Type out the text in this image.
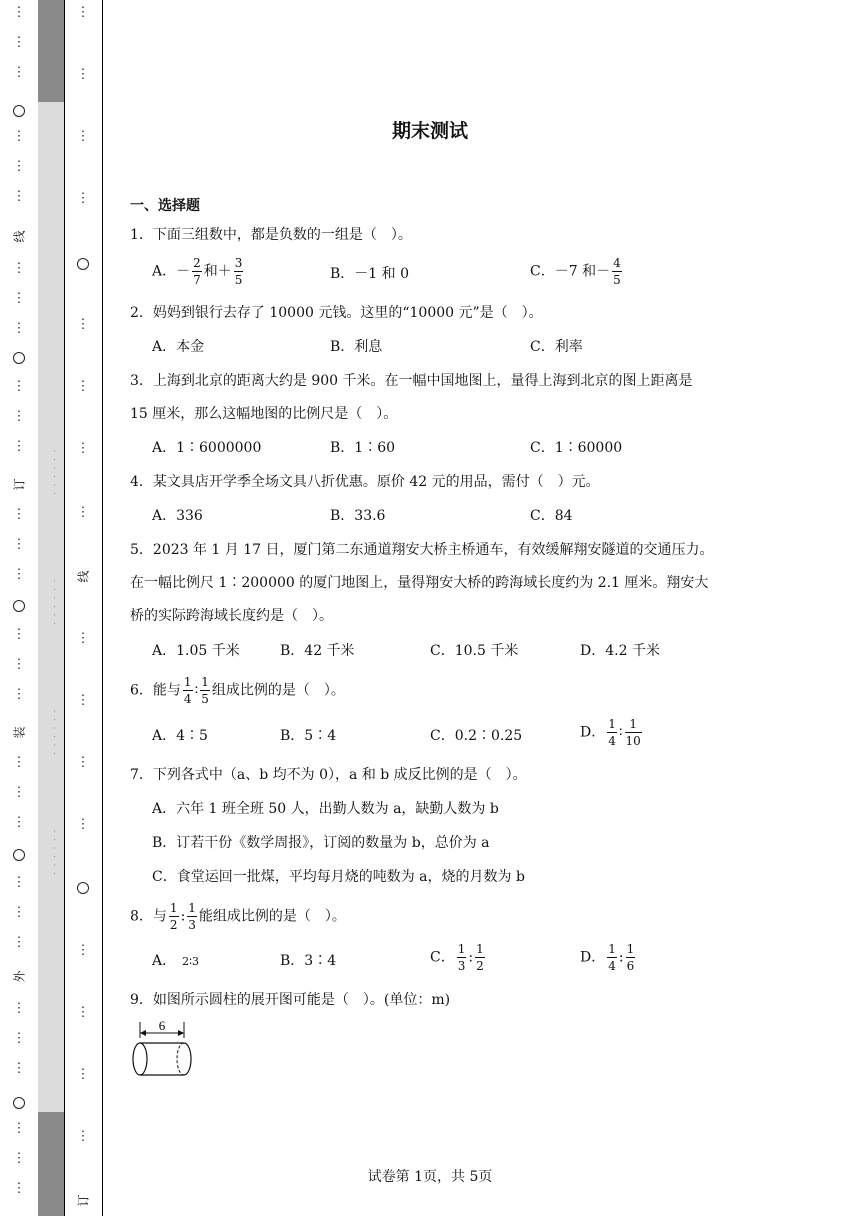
⋮
⋮
⋮
⋮
⋮
⋮
线
⋮
⋮
⋮
⋮
⋮
⋮
订
⋮
⋮
⋮
⋮
⋮
⋮
装
⋮
⋮
⋮
⋮
⋮
⋮
外
⋮
⋮
⋮
⋮
⋮
⋮
· · · · · ·
· · · · · ·
· · · · · ·
· · · · · ·
⋮
⋮
⋮
⋮
⋮
⋮
⋮
⋮
线
⋮
⋮
⋮
⋮
⋮
⋮
⋮
⋮
订
期末测试
一、选择题
1．下面三组数中，都是负数的一组是（　）。
A．－ $\frac{2}{7}$ 和＋ $\frac{3}{5}$	B．－1 和 0	C．－7 和－ $\frac{4}{5}$
2．妈妈到银行去存了 10000 元钱。这里的“10000 元”是（　）。
A．本金	B．利息	C．利率
3．上海到北京的距离大约是 900 千米。在一幅中国地图上，量得上海到北京的图上距离是
15 厘米，那么这幅地图的比例尺是（　）。
A．1∶6000000	B．1∶60	C．1∶60000
4．某文具店开学季全场文具八折优惠。原价 42 元的用品，需付（　）元。
A．336	B．33.6	C．84
5．2023 年 1 月 17 日，厦门第二东通道翔安大桥主桥通车，有效缓解翔安隧道的交通压力。
在一幅比例尺 1∶200000 的厦门地图上，量得翔安大桥的跨海域长度约为 2.1 厘米。翔安大
桥的实际跨海域长度约是（　）。
A．1.05 千米	B．42 千米	C．10.5 千米	D．4.2 千米
6．能与 $\frac{1}{4}$ ∶ $\frac{1}{5}$ 组成比例的是（　）。
A．4∶5	B．5∶4	C．0.2∶0.25	D． $\frac{1}{4}$ ∶ $\frac{1}{10}$
7．下列各式中（a、b 均不为 0），a 和 b 成反比例的是（　）。
A．六年 1 班全班 50 人，出勤人数为 a，缺勤人数为 b
B．订若干份《数学周报》，订阅的数量为 b，总价为 a
C．食堂运回一批煤，平均每月烧的吨数为 a，烧的月数为 b
8．与 $\frac{1}{2}$ : $\frac{1}{3}$ 能组成比例的是（　）。
A． 2∶3	B．3∶4	C． $\frac{1}{3}$ : $\frac{1}{2}$	D． $\frac{1}{4}$ : $\frac{1}{6}$
9．如图所示圆柱的展开图可能是（　）。(单位：m)
6
试卷第 1页，共 5页
